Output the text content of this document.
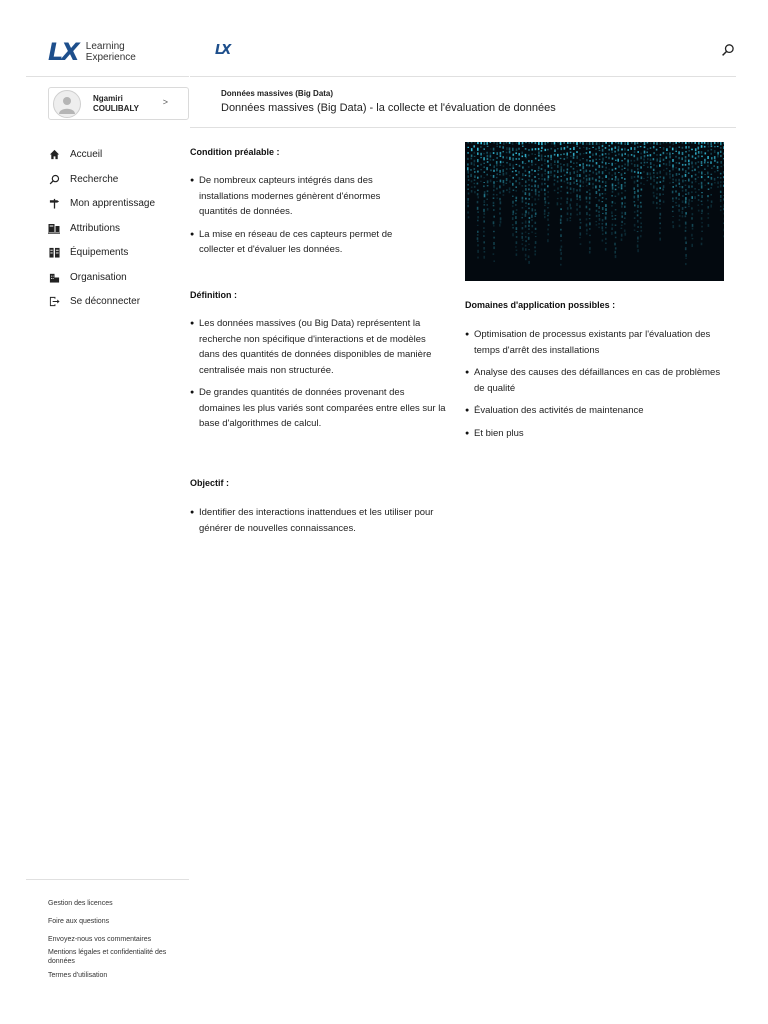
LX Learning
Experience
Ngamiri
COULIBALY
>
Accueil
Recherche
Mon apprentissage
Attributions
Équipements
Organisation
Se déconnecter
Gestion des licences
Foire aux questions
Envoyez-nous vos commentaires
Mentions légales et confidentialité des données
Termes d'utilisation
LX
Données massives (Big Data)
Données massives (Big Data) - la collecte et l'évaluation de données
Condition préalable :
● De nombreux capteurs intégrés dans des installations modernes génèrent d'énormes quantités de données.
● La mise en réseau de ces capteurs permet de collecter et d'évaluer les données.
Définition :
● Les données massives (ou Big Data) représentent la recherche non spécifique d'interactions et de modèles dans des quantités de données disponibles de manière centralisée mais non structurée.
● De grandes quantités de données provenant des domaines les plus variés sont comparées entre elles sur la base d'algorithmes de calcul.
Objectif :
● Identifier des interactions inattendues et les utiliser pour générer de nouvelles connaissances.
Domaines d'application possibles :
● Optimisation de processus existants par l'évaluation des temps d'arrêt des installations
● Analyse des causes des défaillances en cas de problèmes de qualité
● Évaluation des activités de maintenance
● Et bien plus
